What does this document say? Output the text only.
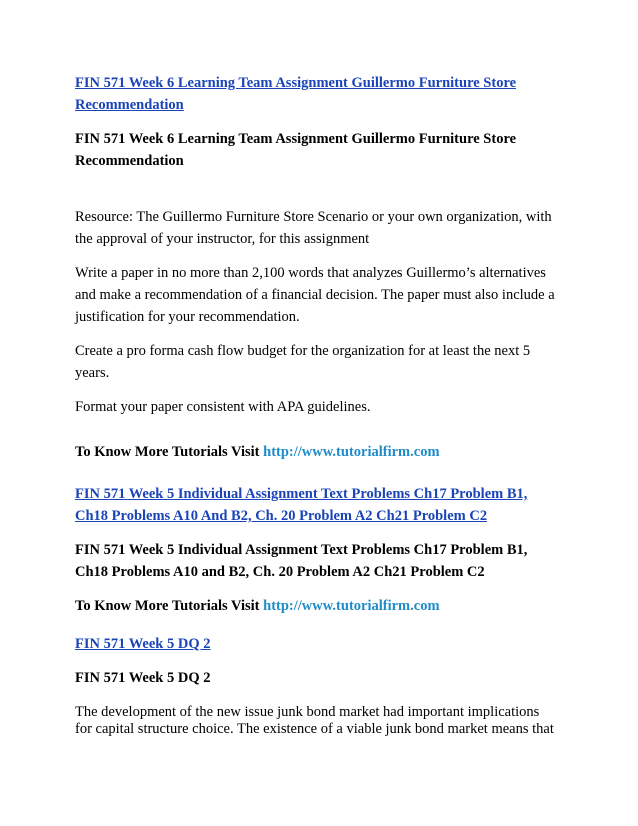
FIN 571 Week 6 Learning Team Assignment Guillermo Furniture Store
Recommendation

FIN 571 Week 6 Learning Team Assignment Guillermo Furniture Store
Recommendation

Resource: The Guillermo Furniture Store Scenario or your own organization, with
the approval of your instructor, for this assignment

Write a paper in no more than 2,100 words that analyzes Guillermo’s alternatives
and make a recommendation of a financial decision. The paper must also include a
justification for your recommendation.

Create a pro forma cash flow budget for the organization for at least the next 5
years.

Format your paper consistent with APA guidelines.

To Know More Tutorials Visit http://www.tutorialfirm.com

FIN 571 Week 5 Individual Assignment Text Problems Ch17 Problem B1,
Ch18 Problems A10 And B2, Ch. 20 Problem A2 Ch21 Problem C2

FIN 571 Week 5 Individual Assignment Text Problems Ch17 Problem B1,
Ch18 Problems A10 and B2, Ch. 20 Problem A2 Ch21 Problem C2

To Know More Tutorials Visit http://www.tutorialfirm.com

FIN 571 Week 5 DQ 2

FIN 571 Week 5 DQ 2

The development of the new issue junk bond market had important implications
for capital structure choice. The existence of a viable junk bond market means that
